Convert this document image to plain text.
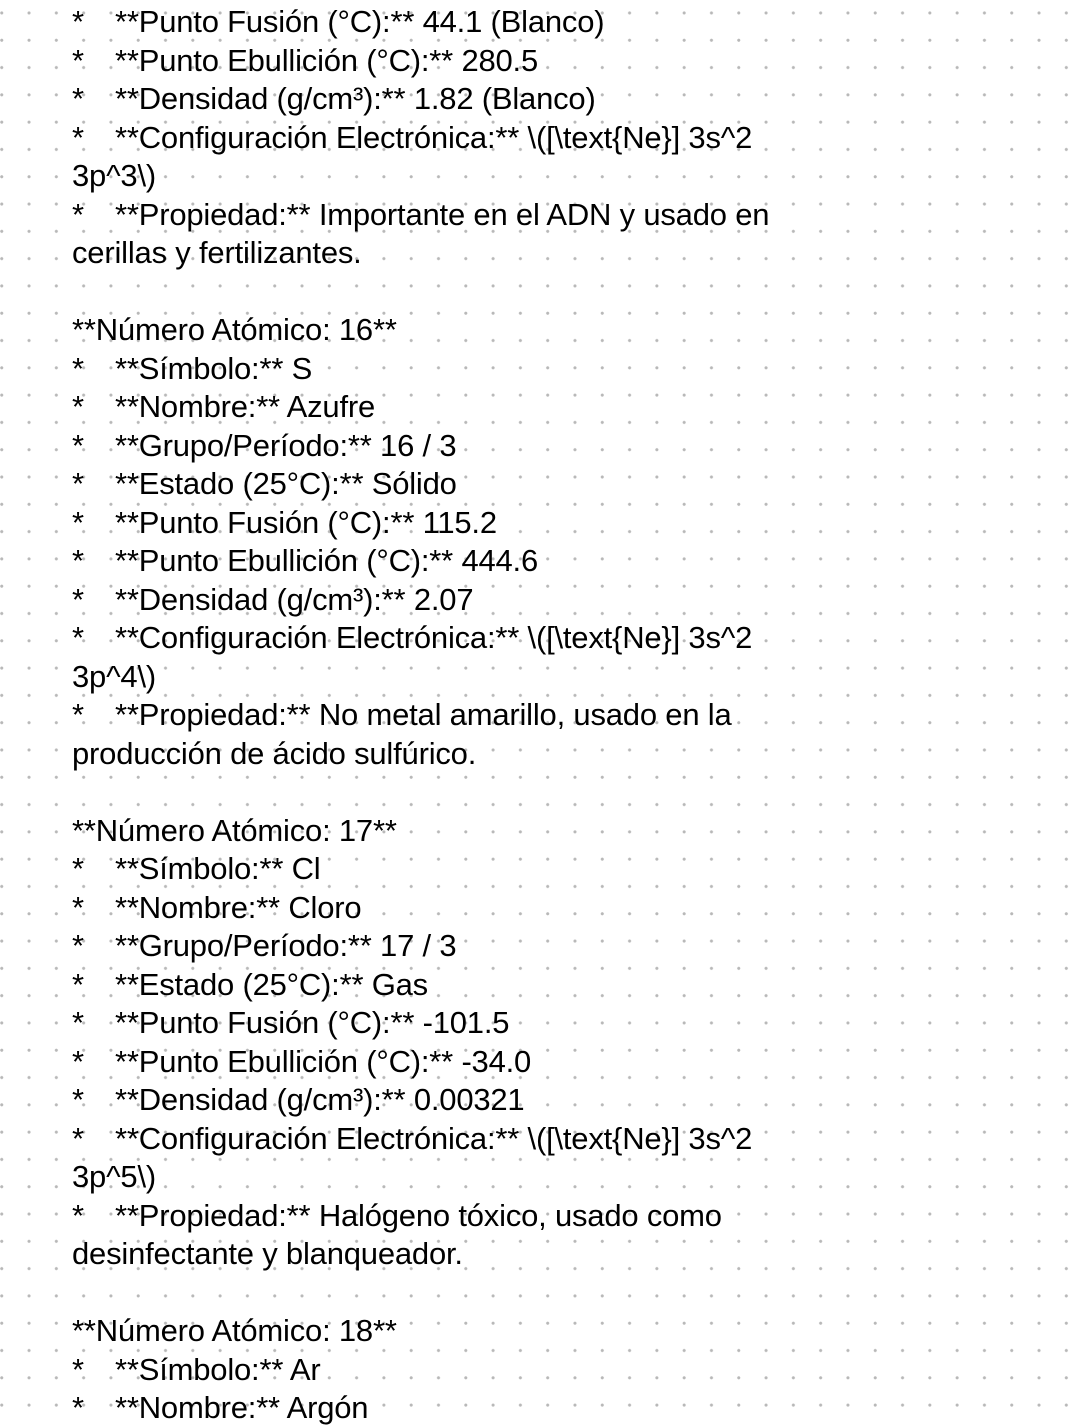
*	**Punto Fusión (°C):** 44.1 (Blanco)
*	**Punto Ebullición (°C):** 280.5
*	**Densidad (g/cm³):** 1.82 (Blanco)
*	**Configuración Electrónica:** \([\text{Ne}] 3s^2
3p^3\)
*	**Propiedad:** Importante en el ADN y usado en
cerillas y fertilizantes.
**Número Atómico: 16**
*	**Símbolo:** S
*	**Nombre:** Azufre
*	**Grupo/Período:** 16 / 3
*	**Estado (25°C):** Sólido
*	**Punto Fusión (°C):** 115.2
*	**Punto Ebullición (°C):** 444.6
*	**Densidad (g/cm³):** 2.07
*	**Configuración Electrónica:** \([\text{Ne}] 3s^2
3p^4\)
*	**Propiedad:** No metal amarillo, usado en la
producción de ácido sulfúrico.
**Número Atómico: 17**
*	**Símbolo:** Cl
*	**Nombre:** Cloro
*	**Grupo/Período:** 17 / 3
*	**Estado (25°C):** Gas
*	**Punto Fusión (°C):** -101.5
*	**Punto Ebullición (°C):** -34.0
*	**Densidad (g/cm³):** 0.00321
*	**Configuración Electrónica:** \([\text{Ne}] 3s^2
3p^5\)
*	**Propiedad:** Halógeno tóxico, usado como
desinfectante y blanqueador.
**Número Atómico: 18**
*	**Símbolo:** Ar
*	**Nombre:** Argón
